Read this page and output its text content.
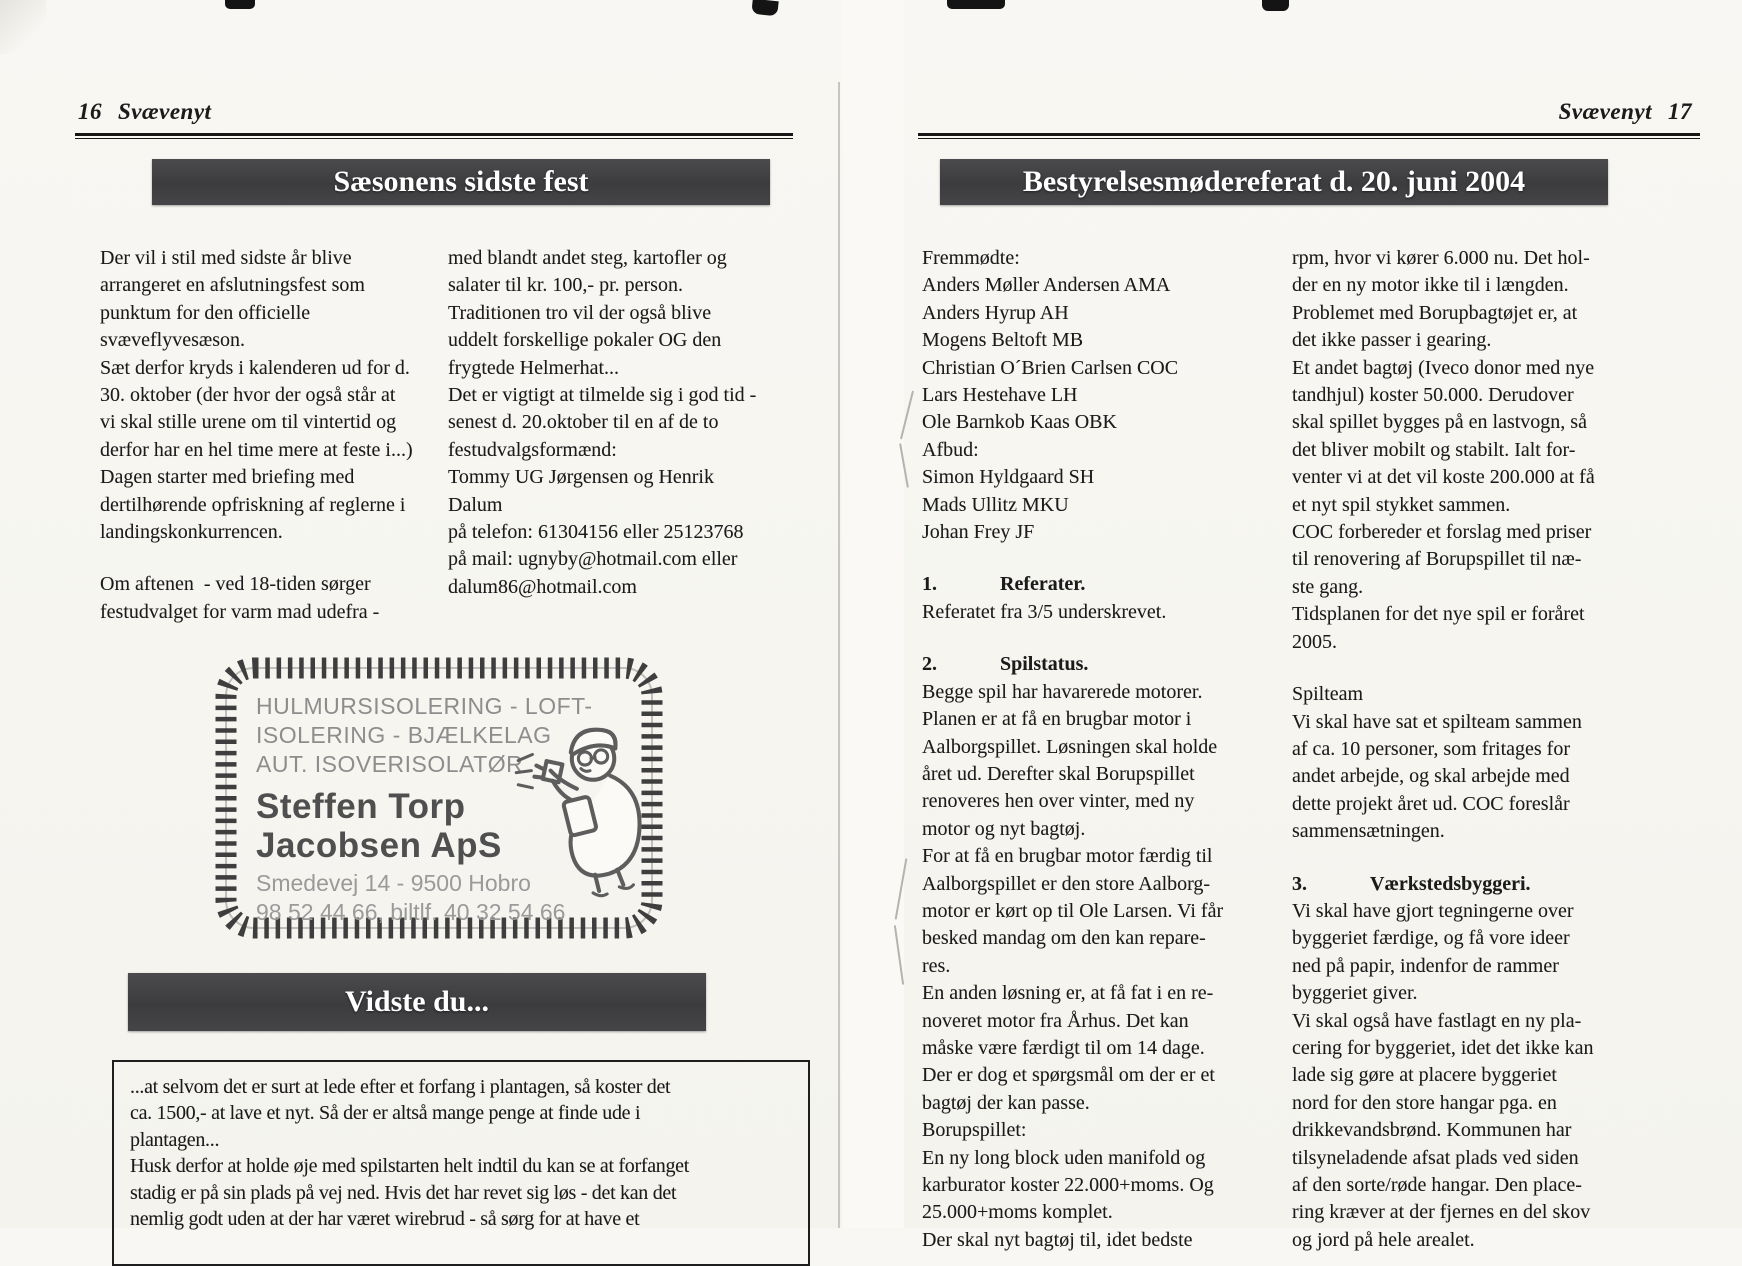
16 Svævenyt
Sæsonens sidste fest
Der vil i stil med sidste år blive
arrangeret en afslutningsfest som
punktum for den officielle
svæveflyvesæson.
Sæt derfor kryds i kalenderen ud for d.
30. oktober (der hvor der også står at
vi skal stille urene om til vintertid og
derfor har en hel time mere at feste i...)
Dagen starter med briefing med
dertilhørende opfriskning af reglerne i
landingskonkurrencen.
Om aftenen  - ved 18-tiden sørger
festudvalget for varm mad udefra -
med blandt andet steg, kartofler og
salater til kr. 100,- pr. person.
Traditionen tro vil der også blive
uddelt forskellige pokaler OG den
frygtede Helmerhat...
Det er vigtigt at tilmelde sig i god tid -
senest d. 20.oktober til en af de to
festudvalgsformænd:
Tommy UG Jørgensen og Henrik
Dalum
på telefon: 61304156 eller 25123768
på mail: ugnyby@hotmail.com eller
dalum86@hotmail.com
HULMURSISOLERING - LOFT-
ISOLERING - BJÆLKELAG
AUT. ISOVERISOLATØR
Steffen Torp
Jacobsen ApS
Smedevej 14 - 9500 Hobro
98 52 44 66, biltlf. 40 32 54 66
Vidste du...
...at selvom det er surt at lede efter et forfang i plantagen, så koster det
ca. 1500,- at lave et nyt. Så der er altså mange penge at finde ude i
plantagen...
Husk derfor at holde øje med spilstarten helt indtil du kan se at forfanget
stadig er på sin plads på vej ned. Hvis det har revet sig løs - det kan det
nemlig godt uden at der har været wirebrud - så sørg for at have et
Svævenyt 17
Bestyrelsesmødereferat d. 20. juni 2004
Fremmødte:
Anders Møller Andersen AMA
Anders Hyrup AH
Mogens Beltoft MB
Christian O´Brien Carlsen COC
Lars Hestehave LH
Ole Barnkob Kaas OBK
Afbud:
Simon Hyldgaard SH
Mads Ullitz MKU
Johan Frey JF
1.	Referater.
Referatet fra 3/5 underskrevet.
2.	Spilstatus.
Begge spil har havarerede motorer.
Planen er at få en brugbar motor i
Aalborgspillet. Løsningen skal holde
året ud. Derefter skal Borupspillet
renoveres hen over vinter, med ny
motor og nyt bagtøj.
For at få en brugbar motor færdig til
Aalborgspillet er den store Aalborg-
motor er kørt op til Ole Larsen. Vi får
besked mandag om den kan repare-
res.
En anden løsning er, at få fat i en re-
noveret motor fra Århus. Det kan
måske være færdigt til om 14 dage.
Der er dog et spørgsmål om der er et
bagtøj der kan passe.
Borupspillet:
En ny long block uden manifold og
karburator koster 22.000+moms. Og
25.000+moms komplet.
Der skal nyt bagtøj til, idet bedste
rpm, hvor vi kører 6.000 nu. Det hol-
der en ny motor ikke til i længden.
Problemet med Borupbagtøjet er, at
det ikke passer i gearing.
Et andet bagtøj (Iveco donor med nye
tandhjul) koster 50.000. Derudover
skal spillet bygges på en lastvogn, så
det bliver mobilt og stabilt. Ialt for-
venter vi at det vil koste 200.000 at få
et nyt spil stykket sammen.
COC forbereder et forslag med priser
til renovering af Borupspillet til næ-
ste gang.
Tidsplanen for det nye spil er foråret
2005.
Spilteam
Vi skal have sat et spilteam sammen
af ca. 10 personer, som fritages for
andet arbejde, og skal arbejde med
dette projekt året ud. COC foreslår
sammensætningen.
3.	Værkstedsbyggeri.
Vi skal have gjort tegningerne over
byggeriet færdige, og få vore ideer
ned på papir, indenfor de rammer
byggeriet giver.
Vi skal også have fastlagt en ny pla-
cering for byggeriet, idet det ikke kan
lade sig gøre at placere byggeriet
nord for den store hangar pga. en
drikkevandsbrønd. Kommunen har
tilsyneladende afsat plads ved siden
af den sorte/røde hangar. Den place-
ring kræver at der fjernes en del skov
og jord på hele arealet.
